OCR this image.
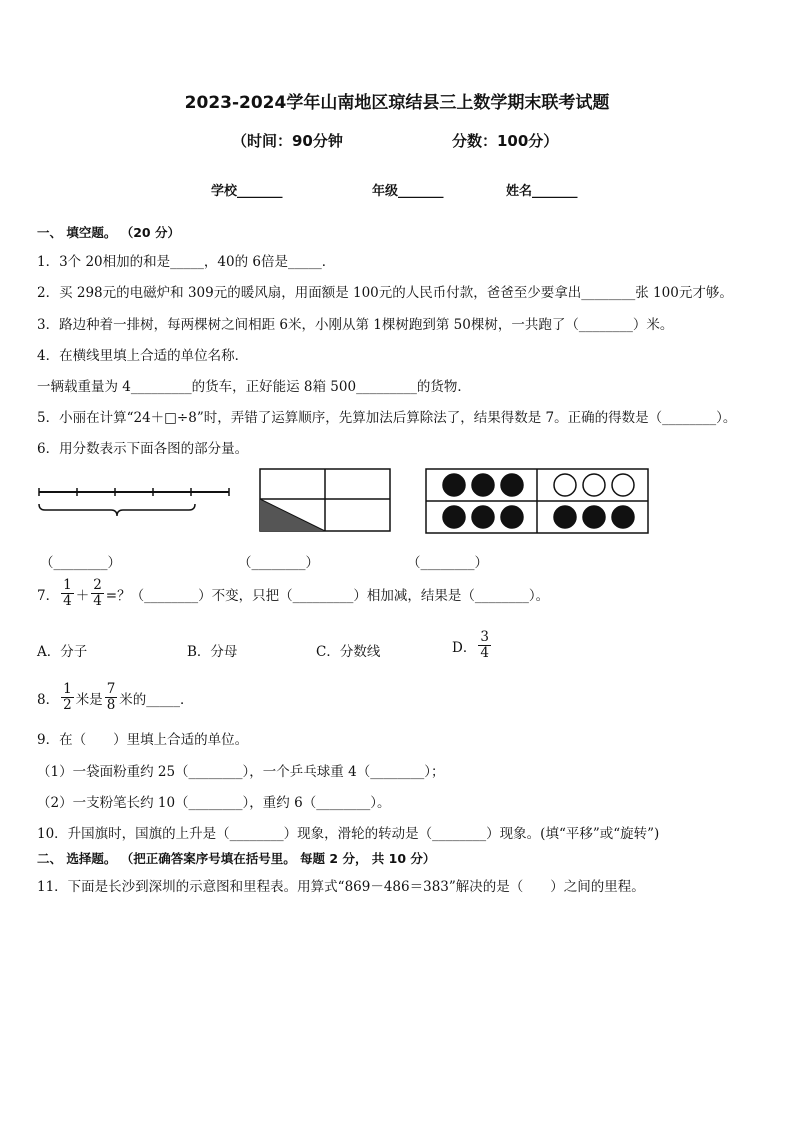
2023-2024学年山南地区琼结县三上数学期末联考试题
（时间：90分钟	分数：100分）
学校_______	年级_______	姓名_______
一、 填空题。 （20 分）
1．3个 20相加的和是_____，40的 6倍是_____．
2．买 298元的电磁炉和 309元的暖风扇，用面额是 100元的人民币付款，爸爸至少要拿出________张 100元才够。
3．路边种着一排树，每两棵树之间相距 6米，小刚从第 1棵树跑到第 50棵树，一共跑了（________）米。
4．在横线里填上合适的单位名称．
一辆载重量为 4_________的货车，正好能运 8箱 500_________的货物．
5．小丽在计算“24＋□÷8”时，弄错了运算顺序，先算加法后算除法了，结果得数是 7。正确的得数是（________）。
6．用分数表示下面各图的部分量。
（________）	（________）	（________）
7． $\frac{1}{4} + \frac{2}{4}$ =？（________）不变，只把（_________）相加减，结果是（________）。
A．分子	B．分母	C．分数线	D． $\frac{3}{4}$
8． $\frac{1}{2}$ 米是 $\frac{7}{8}$ 米的_____．
9．在（　　）里填上合适的单位。
（1）一袋面粉重约 25（________），一个乒乓球重 4（________）；
（2）一支粉笔长约 10（________），重约 6（________）。
10．升国旗时，国旗的上升是（________）现象，滑轮的转动是（________）现象。(填“平移”或“旋转”)
二、 选择题。 （把正确答案序号填在括号里。 每题 2 分， 共 10 分）
11．下面是长沙到深圳的示意图和里程表。用算式“869－486＝383”解决的是（　　）之间的里程。
